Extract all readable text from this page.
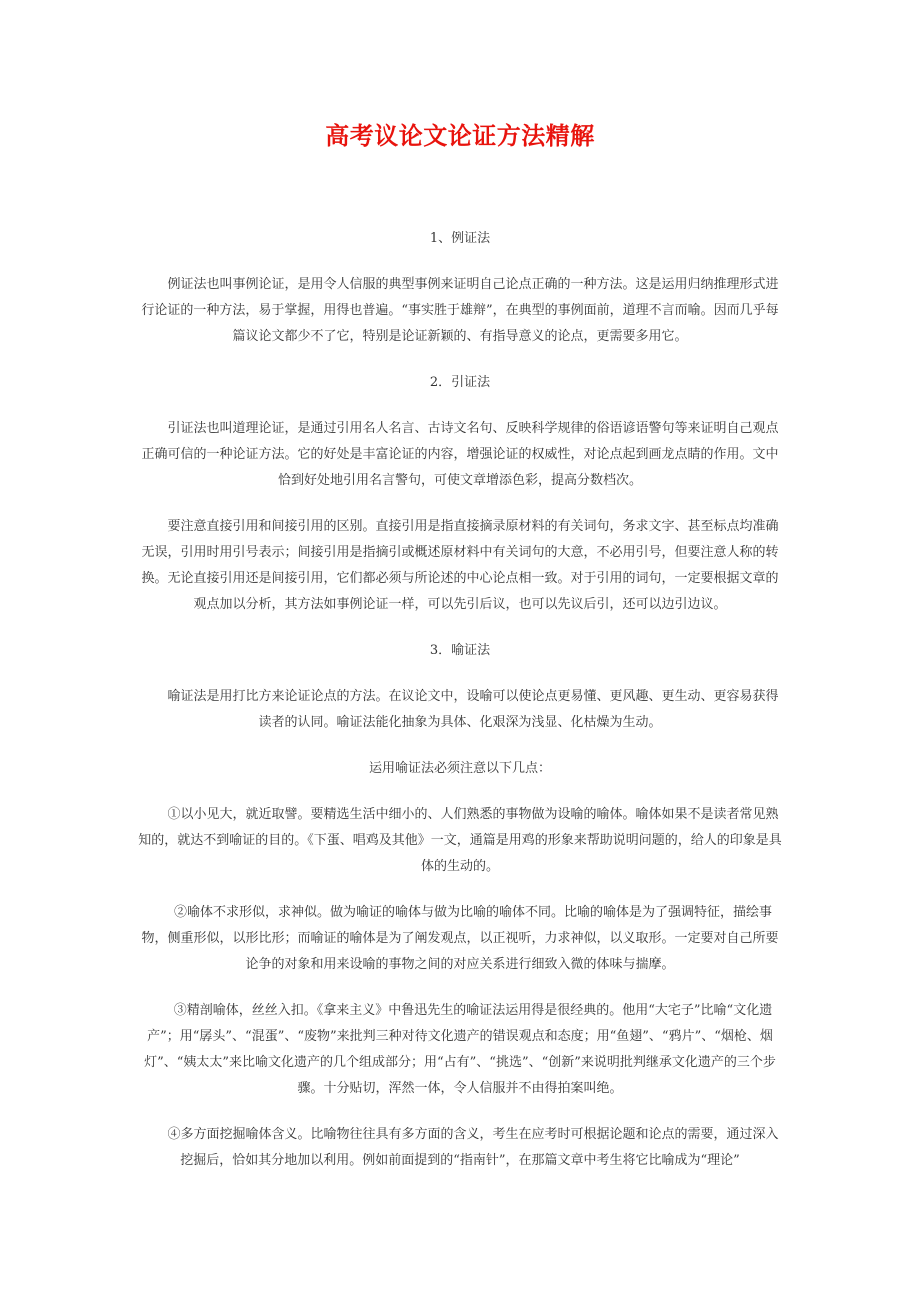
高考议论文论证方法精解

1、例证法

例证法也叫事例论证，是用令人信服的典型事例来证明自己论点正确的一种方法。这是运用归纳推理形式进行论证的一种方法，易于掌握，用得也普遍。“事实胜于雄辩”，在典型的事例面前，道理不言而喻。因而几乎每篇议论文都少不了它，特别是论证新颖的、有指导意义的论点，更需要多用它。

2．引证法

引证法也叫道理论证，是通过引用名人名言、古诗文名句、反映科学规律的俗语谚语警句等来证明自己观点正确可信的一种论证方法。它的好处是丰富论证的内容，增强论证的权威性，对论点起到画龙点睛的作用。文中恰到好处地引用名言警句，可使文章增添色彩，提高分数档次。

要注意直接引用和间接引用的区别。直接引用是指直接摘录原材料的有关词句，务求文字、甚至标点均准确无误，引用时用引号表示；间接引用是指摘引或概述原材料中有关词句的大意，不必用引号，但要注意人称的转换。无论直接引用还是间接引用，它们都必须与所论述的中心论点相一致。对于引用的词句，一定要根据文章的观点加以分析，其方法如事例论证一样，可以先引后议，也可以先议后引，还可以边引边议。

3．喻证法

喻证法是用打比方来论证论点的方法。在议论文中，设喻可以使论点更易懂、更风趣、更生动、更容易获得读者的认同。喻证法能化抽象为具体、化艰深为浅显、化枯燥为生动。

运用喻证法必须注意以下几点：

①以小见大，就近取譬。要精选生活中细小的、人们熟悉的事物做为设喻的喻体。喻体如果不是读者常见熟知的，就达不到喻证的目的。《下蛋、唱鸡及其他》一文，通篇是用鸡的形象来帮助说明问题的，给人的印象是具体的生动的。

②喻体不求形似，求神似。做为喻证的喻体与做为比喻的喻体不同。比喻的喻体是为了强调特征，描绘事物，侧重形似，以形比形；而喻证的喻体是为了阐发观点，以正视听，力求神似，以义取形。一定要对自己所要论争的对象和用来设喻的事物之间的对应关系进行细致入微的体味与揣摩。

③精剖喻体，丝丝入扣。《拿来主义》中鲁迅先生的喻证法运用得是很经典的。他用“大宅子”比喻“文化遗产”；用“孱头”、“混蛋”、“废物”来批判三种对待文化遗产的错误观点和态度；用“鱼翅”、“鸦片”、“烟枪、烟灯”、“姨太太”来比喻文化遗产的几个组成部分；用“占有”、“挑选”、“创新”来说明批判继承文化遗产的三个步骤。十分贴切，浑然一体，令人信服并不由得拍案叫绝。

④多方面挖掘喻体含义。比喻物往往具有多方面的含义，考生在应考时可根据论题和论点的需要，通过深入挖掘后，恰如其分地加以利用。例如前面提到的“指南针”，在那篇文章中考生将它比喻成为“理论”
